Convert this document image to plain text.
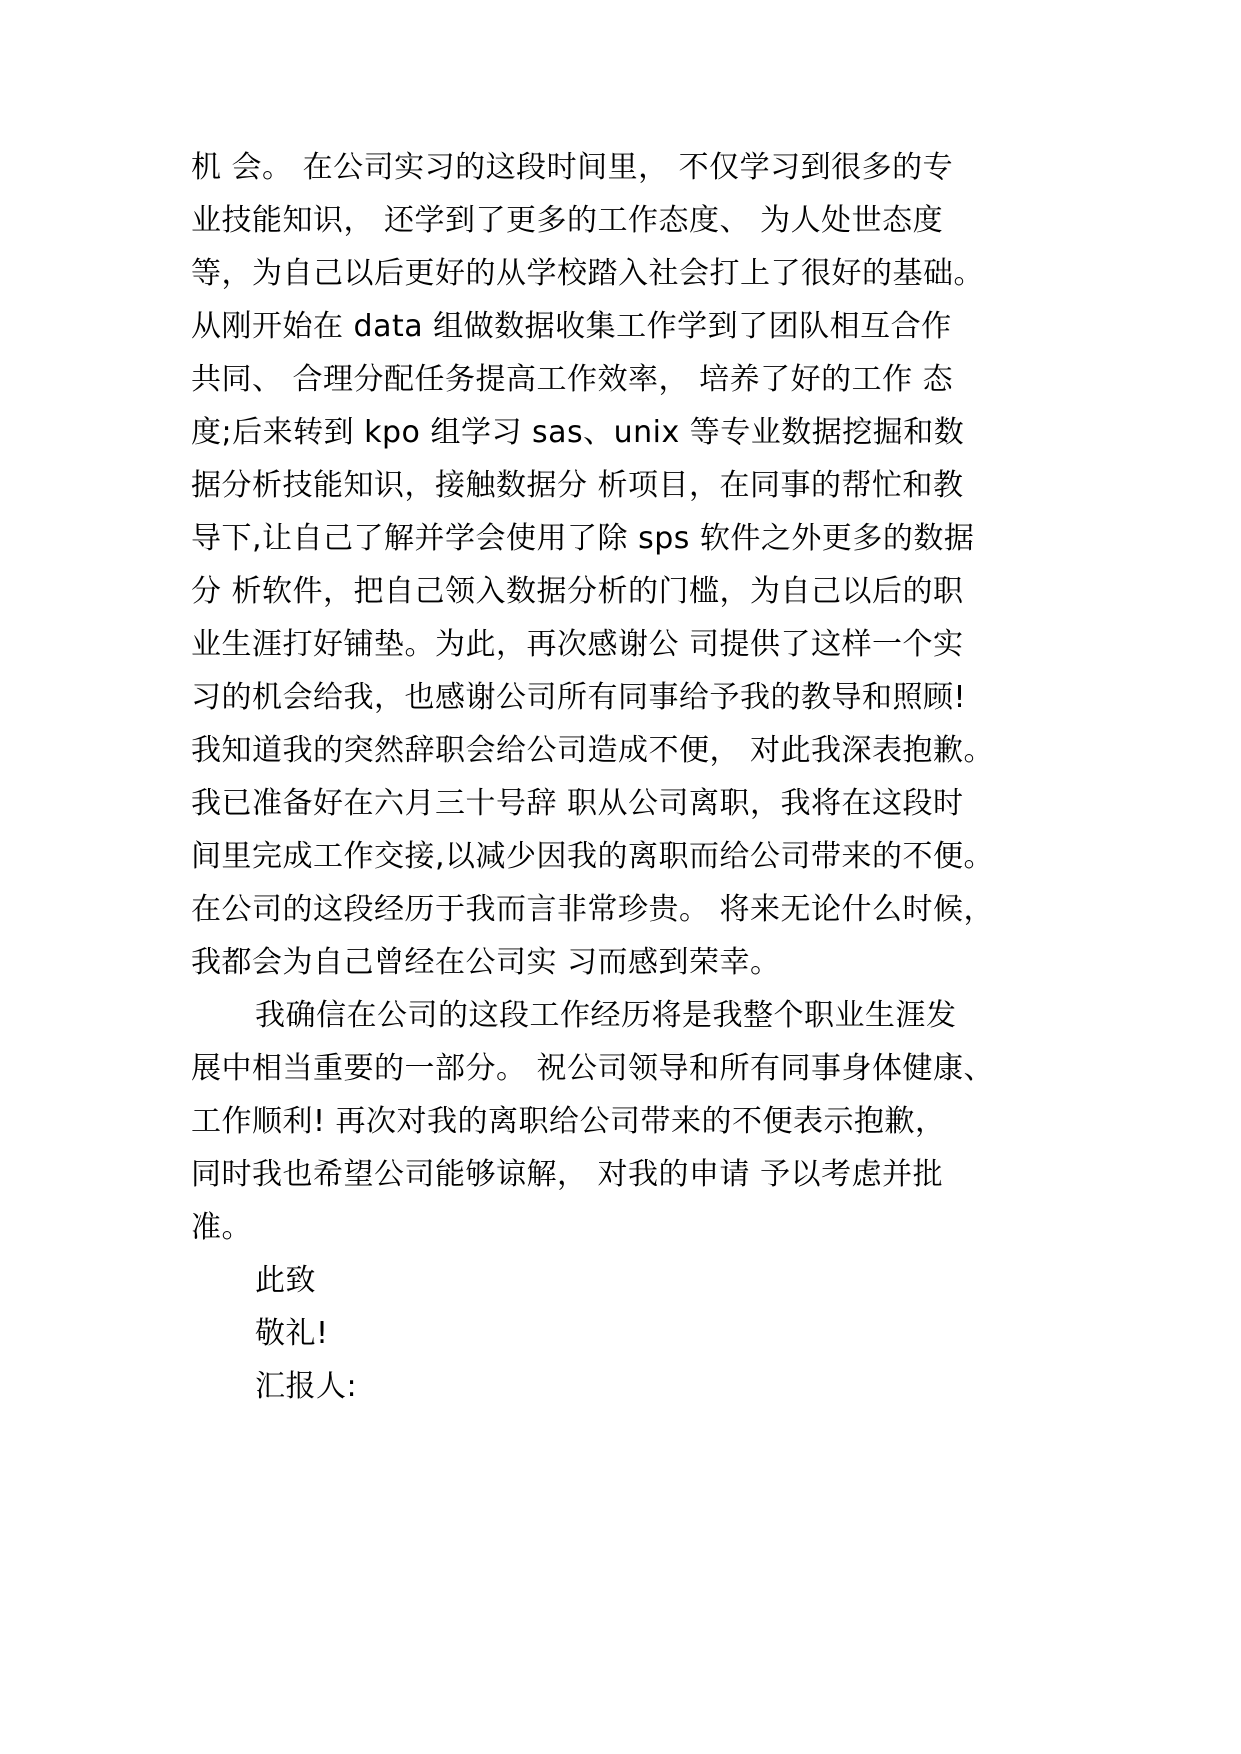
机 会。 在公司实习的这段时间里， 不仅学习到很多的专
业技能知识， 还学到了更多的工作态度、 为人处世态度
等，为自己以后更好的从学校踏入社会打上了很好的基础。
从刚开始在 data 组做数据收集工作学到了团队相互合作
共同、 合理分配任务提高工作效率， 培养了好的工作 态
度;后来转到 kpo 组学习 sas、unix 等专业数据挖掘和数
据分析技能知识，接触数据分 析项目，在同事的帮忙和教
导下,让自己了解并学会使用了除 sps 软件之外更多的数据
分 析软件，把自己领入数据分析的门槛，为自己以后的职
业生涯打好铺垫。为此，再次感谢公 司提供了这样一个实
习的机会给我，也感谢公司所有同事给予我的教导和照顾!
我知道我的突然辞职会给公司造成不便， 对此我深表抱歉。
我已准备好在六月三十号辞 职从公司离职，我将在这段时
间里完成工作交接,以减少因我的离职而给公司带来的不便。
在公司的这段经历于我而言非常珍贵。 将来无论什么时候，
我都会为自己曾经在公司实 习而感到荣幸。
我确信在公司的这段工作经历将是我整个职业生涯发
展中相当重要的一部分。 祝公司领导和所有同事身体健康、
工作顺利! 再次对我的离职给公司带来的不便表示抱歉，
同时我也希望公司能够谅解， 对我的申请 予以考虑并批
准。
此致
敬礼!
汇报人:
